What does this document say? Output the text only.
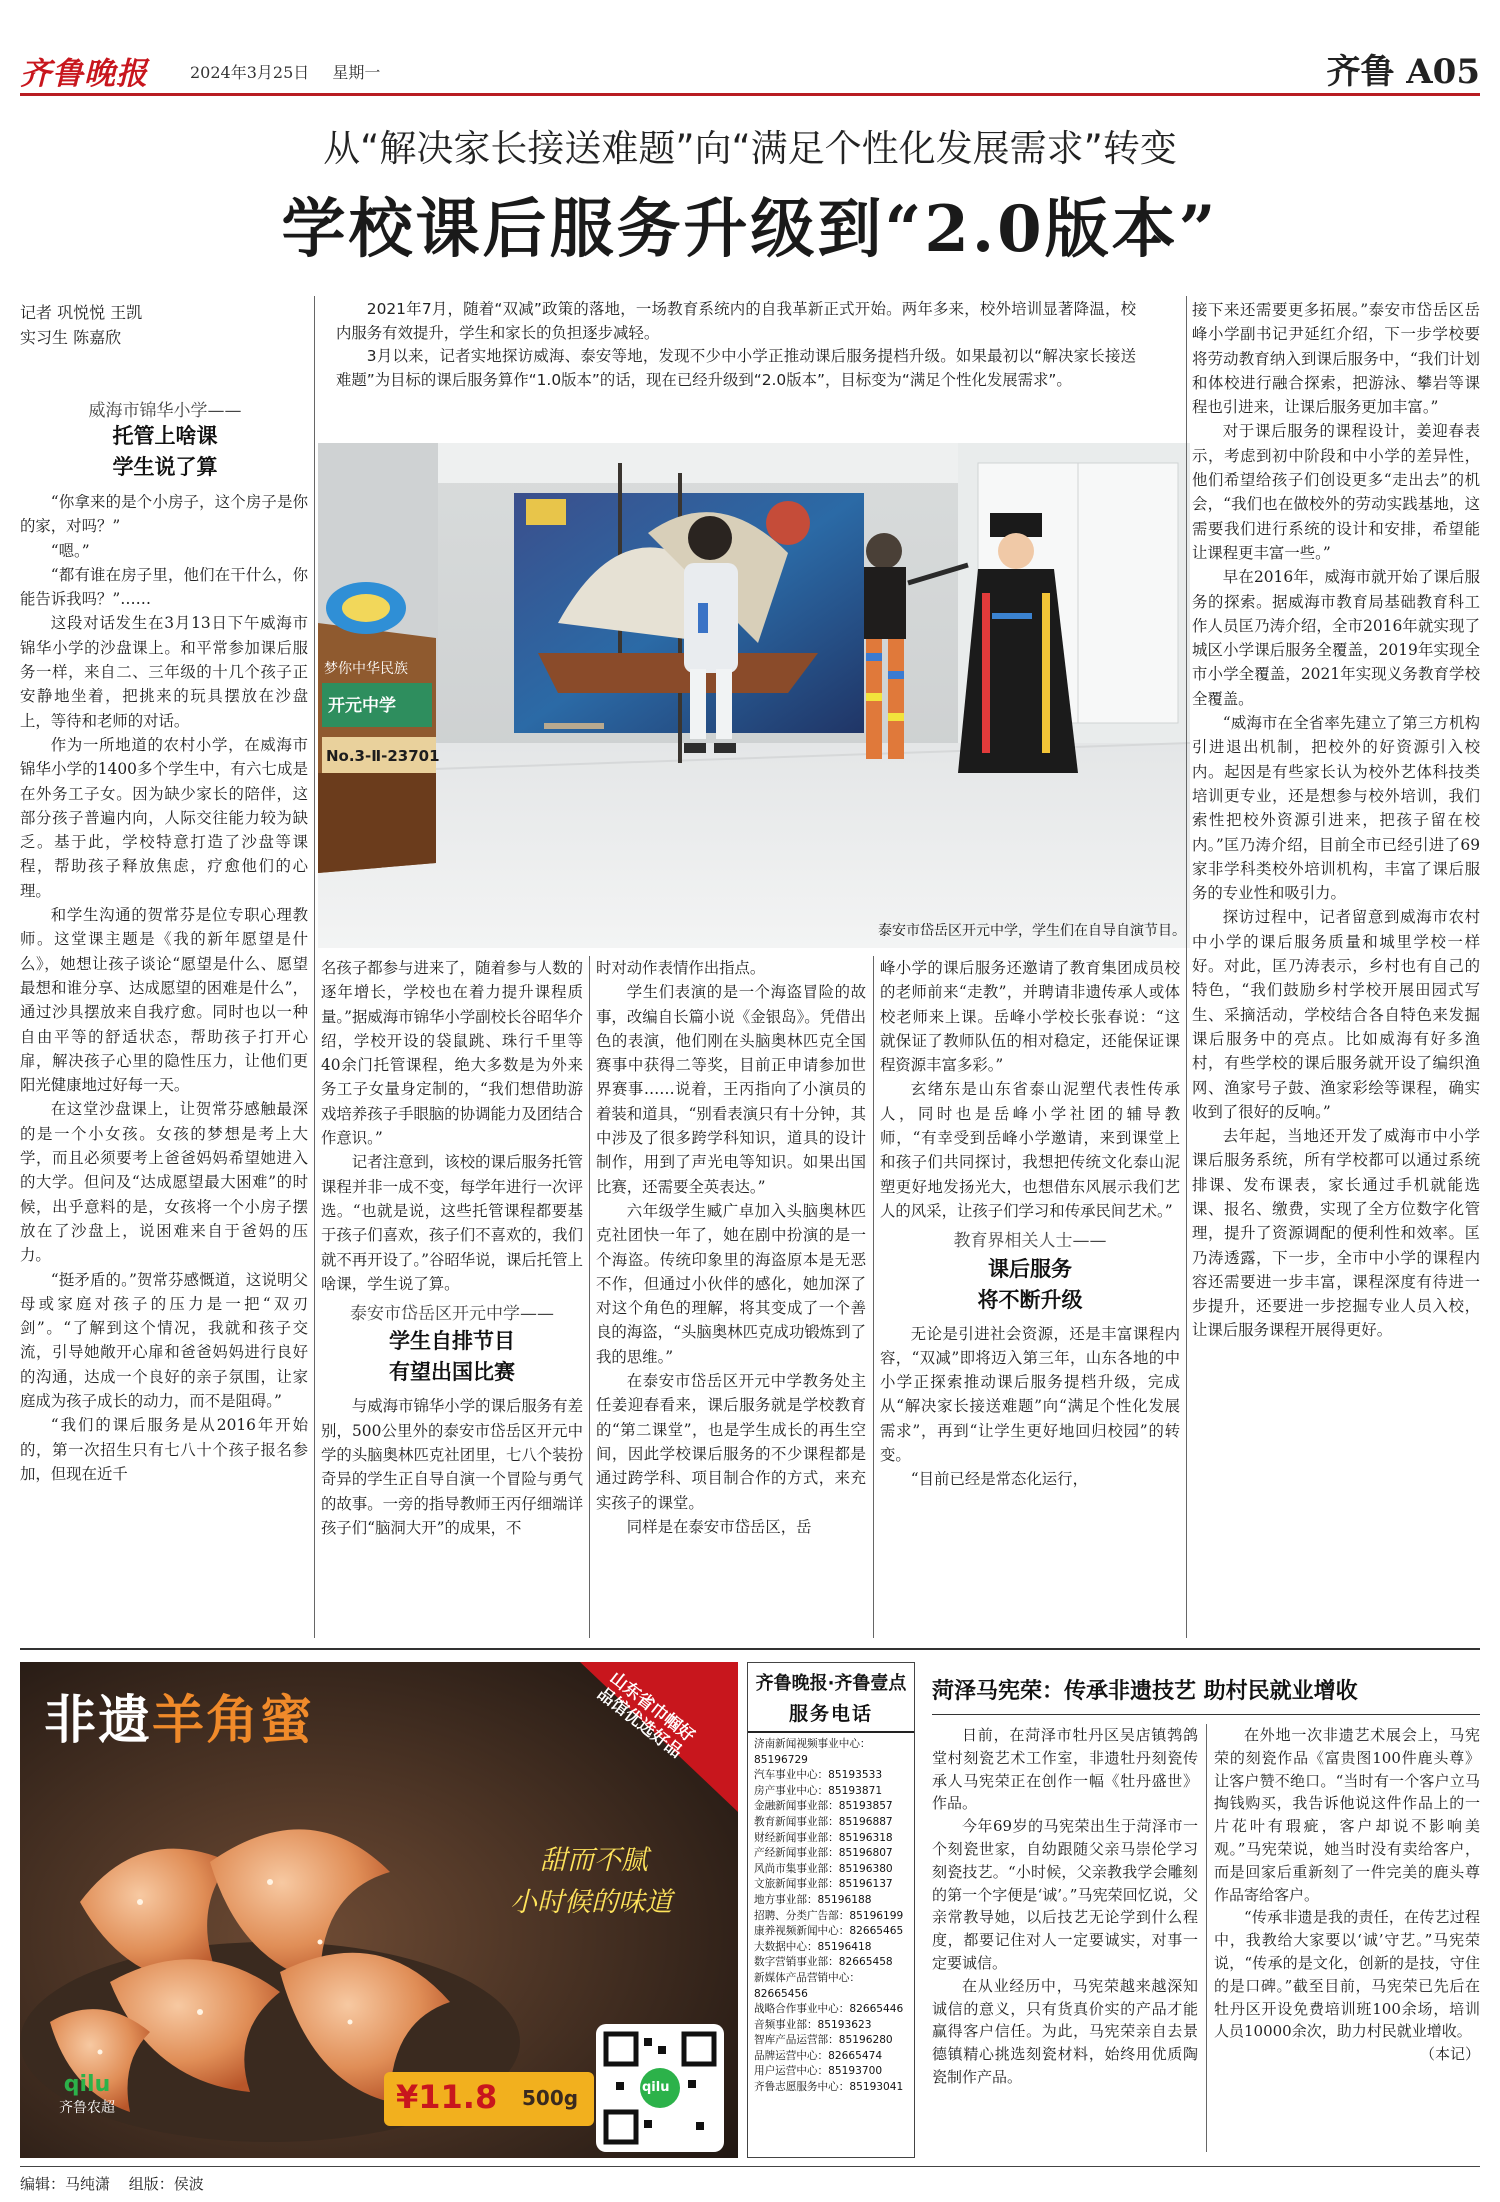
齐鲁晚报	2024年3月25日 星期一	齐鲁 A05
从“解决家长接送难题”向“满足个性化发展需求”转变
学校课后服务升级到“2.0版本”
记者 巩悦悦 王凯
实习生 陈嘉欣
威海市锦华小学——
托管上啥课
学生说了算

“你拿来的是个小房子，这个房子是你的家，对吗？”

“嗯。”

“都有谁在房子里，他们在干什么，你能告诉我吗？”……

这段对话发生在3月13日下午威海市锦华小学的沙盘课上。和平常参加课后服务一样，来自二、三年级的十几个孩子正安静地坐着，把挑来的玩具摆放在沙盘上，等待和老师的对话。

作为一所地道的农村小学，在威海市锦华小学的1400多个学生中，有六七成是在外务工子女。因为缺少家长的陪伴，这部分孩子普遍内向，人际交往能力较为缺乏。基于此，学校特意打造了沙盘等课程，帮助孩子释放焦虑，疗愈他们的心理。

和学生沟通的贺常芬是位专职心理教师。这堂课主题是《我的新年愿望是什么》，她想让孩子谈论“愿望是什么、愿望最想和谁分享、达成愿望的困难是什么”，通过沙具摆放来自我疗愈。同时也以一种自由平等的舒适状态，帮助孩子打开心扉，解决孩子心里的隐性压力，让他们更阳光健康地过好每一天。

在这堂沙盘课上，让贺常芬感触最深的是一个小女孩。女孩的梦想是考上大学，而且必须要考上爸爸妈妈希望她进入的大学。但问及“达成愿望最大困难”的时候，出乎意料的是，女孩将一个小房子摆放在了沙盘上，说困难来自于爸妈的压力。

“挺矛盾的。”贺常芬感慨道，这说明父母或家庭对孩子的压力是一把“双刃剑”。“了解到这个情况，我就和孩子交流，引导她敞开心扉和爸爸妈妈进行良好的沟通，达成一个良好的亲子氛围，让家庭成为孩子成长的动力，而不是阻碍。”

“我们的课后服务是从2016年开始的，第一次招生只有七八十个孩子报名参加，但现在近千

2021年7月，随着“双减”政策的落地，一场教育系统内的自我革新正式开始。两年多来，校外培训显著降温，校内服务有效提升，学生和家长的负担逐步减轻。

3月以来，记者实地探访威海、泰安等地，发现不少中小学正推动课后服务提档升级。如果最初以“解决家长接送难题”为目标的课后服务算作“1.0版本”的话，现在已经升级到“2.0版本”，目标变为“满足个性化发展需求”。

梦你中华民族
开元中学
No.3-Ⅱ-23701
泰安市岱岳区开元中学，学生们在自导自演节目。

名孩子都参与进来了，随着参与人数的逐年增长，学校也在着力提升课程质量。”据威海市锦华小学副校长谷昭华介绍，学校开设的袋鼠跳、珠行千里等40余门托管课程，绝大多数是为外来务工子女量身定制的，“我们想借助游戏培养孩子手眼脑的协调能力及团结合作意识。”

记者注意到，该校的课后服务托管课程并非一成不变，每学年进行一次评选。“也就是说，这些托管课程都要基于孩子们喜欢，孩子们不喜欢的，我们就不再开设了。”谷昭华说，课后托管上啥课，学生说了算。

泰安市岱岳区开元中学——
学生自排节目
有望出国比赛

与威海市锦华小学的课后服务有差别，500公里外的泰安市岱岳区开元中学的头脑奥林匹克社团里，七八个装扮奇异的学生正自导自演一个冒险与勇气的故事。一旁的指导教师王丙仔细端详孩子们“脑洞大开”的成果，不

时对动作表情作出指点。

学生们表演的是一个海盗冒险的故事，改编自长篇小说《金银岛》。凭借出色的表演，他们刚在头脑奥林匹克全国赛事中获得二等奖，目前正申请参加世界赛事……说着，王丙指向了小演员的着装和道具，“别看表演只有十分钟，其中涉及了很多跨学科知识，道具的设计制作，用到了声光电等知识。如果出国比赛，还需要全英表达。”

六年级学生臧广卓加入头脑奥林匹克社团快一年了，她在剧中扮演的是一个海盗。传统印象里的海盗原本是无恶不作，但通过小伙伴的感化，她加深了对这个角色的理解，将其变成了一个善良的海盗，“头脑奥林匹克成功锻炼到了我的思维。”

在泰安市岱岳区开元中学教务处主任姜迎春看来，课后服务就是学校教育的“第二课堂”，也是学生成长的再生空间，因此学校课后服务的不少课程都是通过跨学科、项目制合作的方式，来充实孩子的课堂。

同样是在泰安市岱岳区，岳

峰小学的课后服务还邀请了教育集团成员校的老师前来“走教”，并聘请非遗传承人或体校老师来上课。岳峰小学校长张春说：“这就保证了教师队伍的相对稳定，还能保证课程资源丰富多彩。”

玄绪东是山东省泰山泥塑代表性传承人，同时也是岳峰小学社团的辅导教师，“有幸受到岳峰小学邀请，来到课堂上和孩子们共同探讨，我想把传统文化泰山泥塑更好地发扬光大，也想借东风展示我们艺人的风采，让孩子们学习和传承民间艺术。”

教育界相关人士——
课后服务
将不断升级

无论是引进社会资源，还是丰富课程内容，“双减”即将迈入第三年，山东各地的中小学正探索推动课后服务提档升级，完成从“解决家长接送难题”向“满足个性化发展需求”，再到“让学生更好地回归校园”的转变。

“目前已经是常态化运行，

接下来还需要更多拓展。”泰安市岱岳区岳峰小学副书记尹延红介绍，下一步学校要将劳动教育纳入到课后服务中，“我们计划和体校进行融合探索，把游泳、攀岩等课程也引进来，让课后服务更加丰富。”

对于课后服务的课程设计，姜迎春表示，考虑到初中阶段和中小学的差异性，他们希望给孩子们创设更多“走出去”的机会，“我们也在做校外的劳动实践基地，这需要我们进行系统的设计和安排，希望能让课程更丰富一些。”

早在2016年，威海市就开始了课后服务的探索。据威海市教育局基础教育科工作人员匡乃涛介绍，全市2016年就实现了城区小学课后服务全覆盖，2019年实现全市小学全覆盖，2021年实现义务教育学校全覆盖。

“威海市在全省率先建立了第三方机构引进退出机制，把校外的好资源引入校内。起因是有些家长认为校外艺体科技类培训更专业，还是想参与校外培训，我们索性把校外资源引进来，把孩子留在校内。”匡乃涛介绍，目前全市已经引进了69家非学科类校外培训机构，丰富了课后服务的专业性和吸引力。

探访过程中，记者留意到威海市农村中小学的课后服务质量和城里学校一样好。对此，匡乃涛表示，乡村也有自己的特色，“我们鼓励乡村学校开展田园式写生、采摘活动，学校结合各自特色来发掘课后服务中的亮点。比如威海有好多渔村，有些学校的课后服务就开设了编织渔网、渔家号子鼓、渔家彩绘等课程，确实收到了很好的反响。”

去年起，当地还开发了威海市中小学课后服务系统，所有学校都可以通过系统排课、发布课表，家长通过手机就能选课、报名、缴费，实现了全方位数字化管理，提升了资源调配的便利性和效率。匡乃涛透露，下一步，全市中小学的课程内容还需要进一步丰富，课程深度有待进一步提升，还要进一步挖掘专业人员入校，让课后服务课程开展得更好。

非遗羊角蜜	山东省巾帼好品馆优选好品
甜而不腻
小时候的味道
¥11.8 500g	qilu
qilu
齐鲁农超
齐鲁晚报·齐鲁壹点
服务电话
济南新闻视频事业中心：85196729
汽车事业中心：85193533
房产事业中心：85193871
金融新闻事业部：85193857
教育新闻事业部：85196887
财经新闻事业部：85196318
产经新闻事业部：85196807
风尚市集事业部：85196380
文旅新闻事业部：85196137
地方事业部：85196188
招聘、分类广告部：85196199
康养视频新闻中心：82665465
大数据中心：85196418
数字营销事业部：82665458
新媒体产品营销中心：82665456
战略合作事业中心：82665446
音频事业部：85193623
智库产品运营部：85196280
品牌运营中心：82665474
用户运营中心：85193700
齐鲁志愿服务中心：85193041
菏泽马宪荣：传承非遗技艺 助村民就业增收

日前，在菏泽市牡丹区吴店镇鹁鸽堂村刻瓷艺术工作室，非遗牡丹刻瓷传承人马宪荣正在创作一幅《牡丹盛世》作品。

今年69岁的马宪荣出生于菏泽市一个刻瓷世家，自幼跟随父亲马崇伦学习刻瓷技艺。“小时候，父亲教我学会雕刻的第一个字便是‘诚’。”马宪荣回忆说，父亲常教导她，以后技艺无论学到什么程度，都要记住对人一定要诚实，对事一定要诚信。

在从业经历中，马宪荣越来越深知诚信的意义，只有货真价实的产品才能赢得客户信任。为此，马宪荣亲自去景德镇精心挑选刻瓷材料，始终用优质陶瓷制作产品。

在外地一次非遗艺术展会上，马宪荣的刻瓷作品《富贵图100件鹿头尊》让客户赞不绝口。“当时有一个客户立马掏钱购买，我告诉他说这件作品上的一片花叶有瑕疵，客户却说不影响美观。”马宪荣说，她当时没有卖给客户，而是回家后重新刻了一件完美的鹿头尊作品寄给客户。

“传承非遗是我的责任，在传艺过程中，我教给大家要以‘诚’守艺。”马宪荣说，“传承的是文化，创新的是技，守住的是口碑。”截至目前，马宪荣已先后在牡丹区开设免费培训班100余场，培训人员10000余次，助力村民就业增收。

（本记）

编辑：马纯潇 组版：侯波
